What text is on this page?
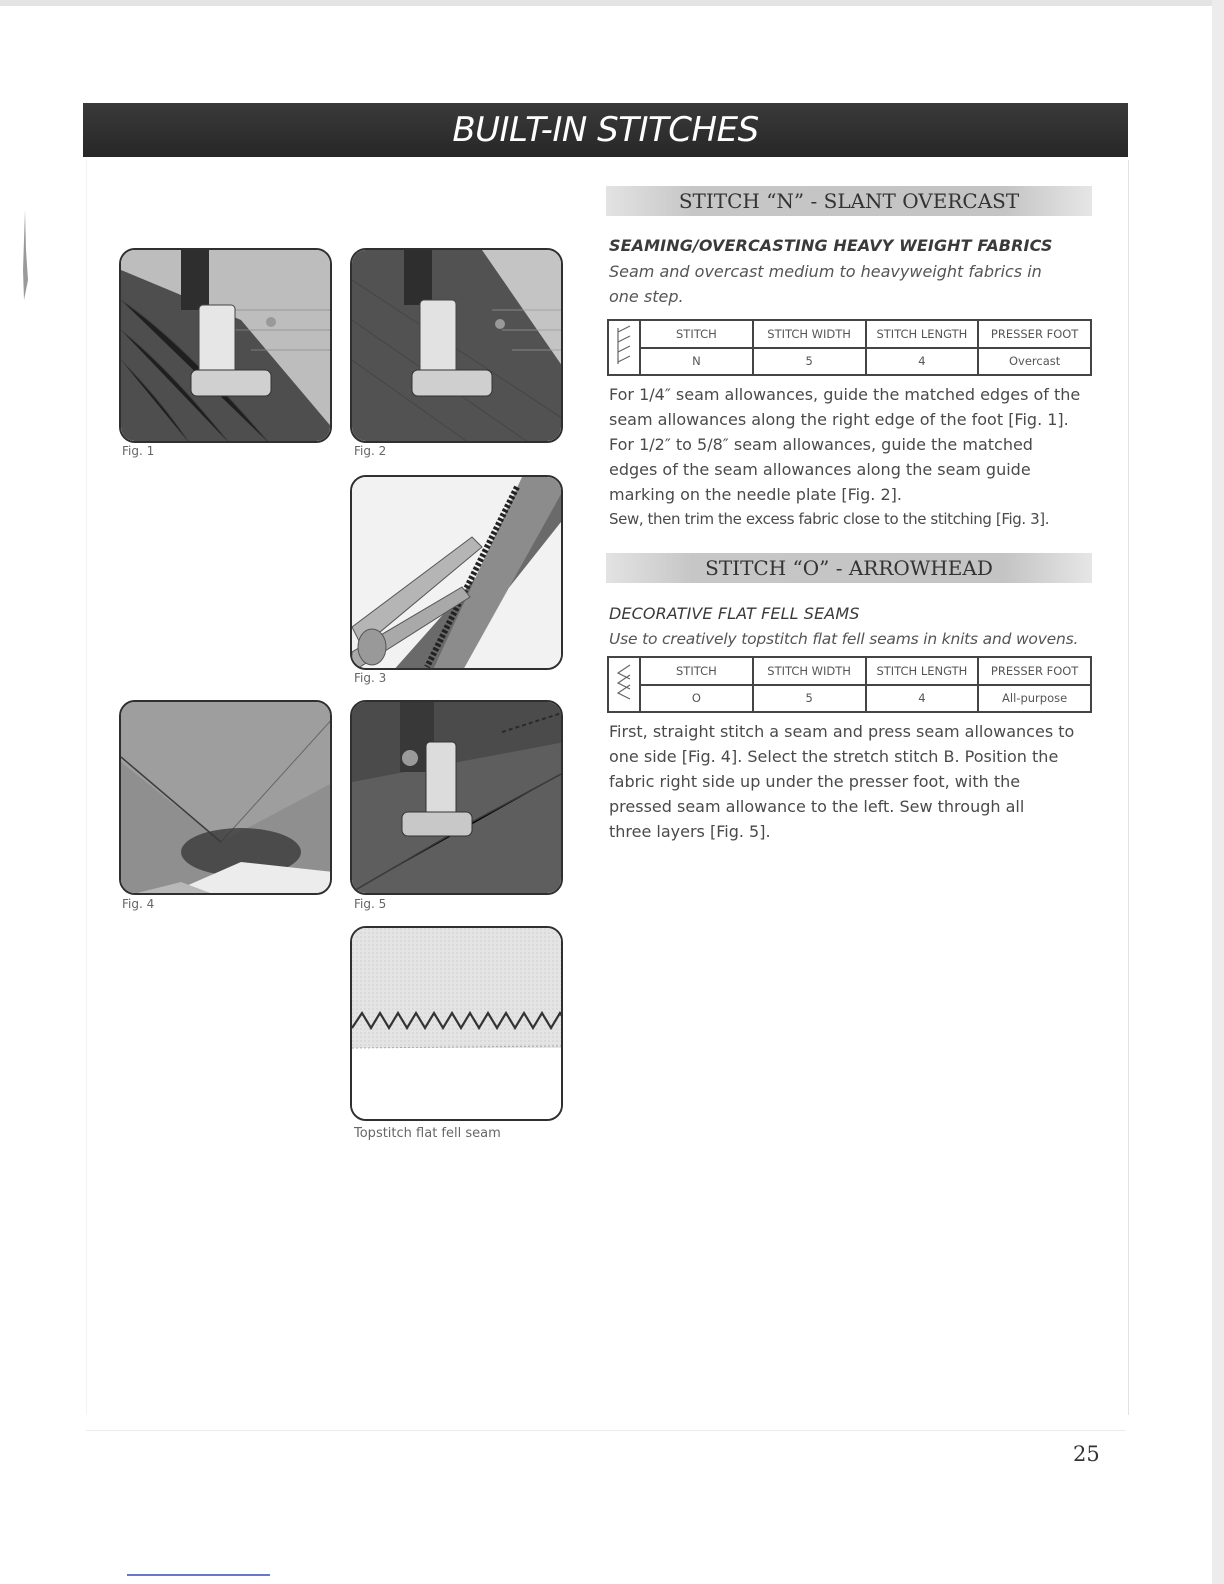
BUILT-IN STITCHES
STITCH “N” - SLANT OVERCAST
SEAMING/OVERCASTING HEAVY WEIGHT FABRICS
Seam and overcast medium to heavyweight fabrics in
one step.
	STITCH	STITCH WIDTH	STITCH LENGTH	PRESSER FOOT
	N	5	4	Overcast
For 1/4″ seam allowances, guide the matched edges of the
seam allowances along the right edge of the foot [Fig. 1].
For 1/2″ to 5/8″ seam allowances, guide the matched
edges of the seam allowances along the seam guide
marking on the needle plate [Fig. 2].
Sew, then trim the excess fabric close to the stitching [Fig. 3].
STITCH “O” - ARROWHEAD
DECORATIVE FLAT FELL SEAMS
Use to creatively topstitch flat fell seams in knits and wovens.
	STITCH	STITCH WIDTH	STITCH LENGTH	PRESSER FOOT
	O	5	4	All-purpose
First, straight stitch a seam and press seam allowances to
one side [Fig. 4]. Select the stretch stitch B. Position the
fabric right side up under the presser foot, with the
pressed seam allowance to the left. Sew through all
three layers [Fig. 5].
Fig. 1	Fig. 2
Fig. 3
Fig. 4	Fig. 5
Topstitch flat fell seam
25
